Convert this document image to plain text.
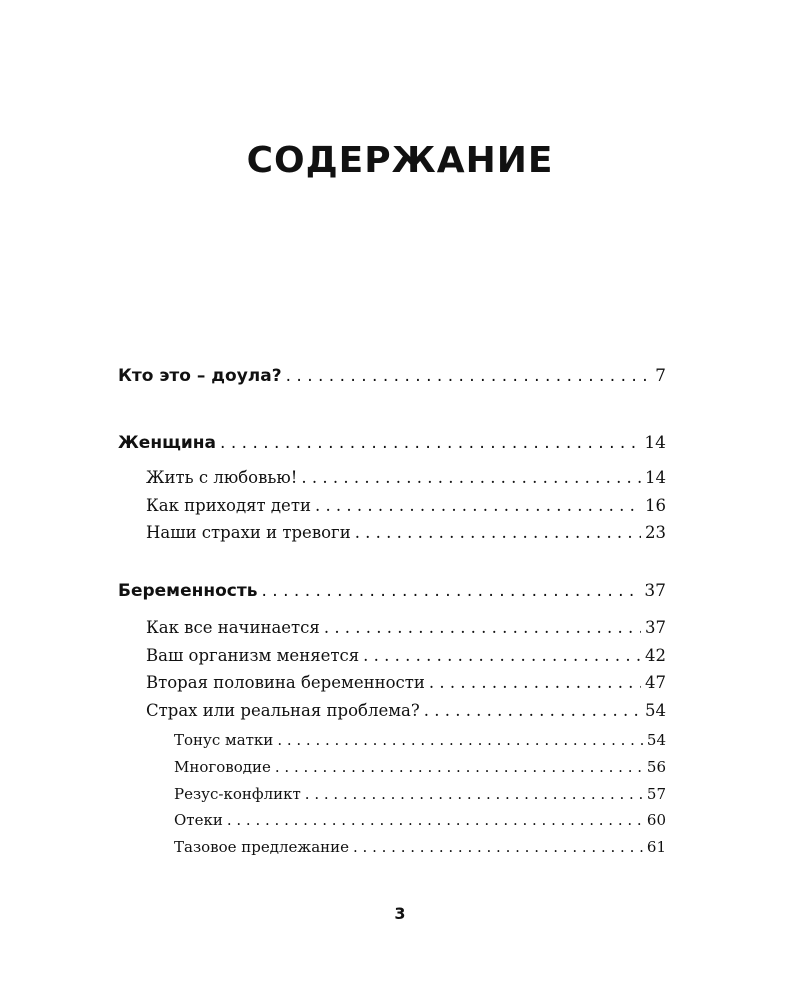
СОДЕРЖАНИЕ
Кто это – доула? . . .	7
Женщина . . .	14
Жить с любовью! . . .	14
Как приходят дети . . .	16
Наши страхи и тревоги . . .	23
Беременность . . .	37
Как все начинается . . .	37
Ваш организм меняется . . .	42
Вторая половина беременности . . .	47
Страх или реальная проблема? . . .	54
Тонус матки . . .	54
Многоводие . . .	56
Резус-конфликт . . .	57
Отеки . . .	60
Тазовое предлежание . . .	61
3
